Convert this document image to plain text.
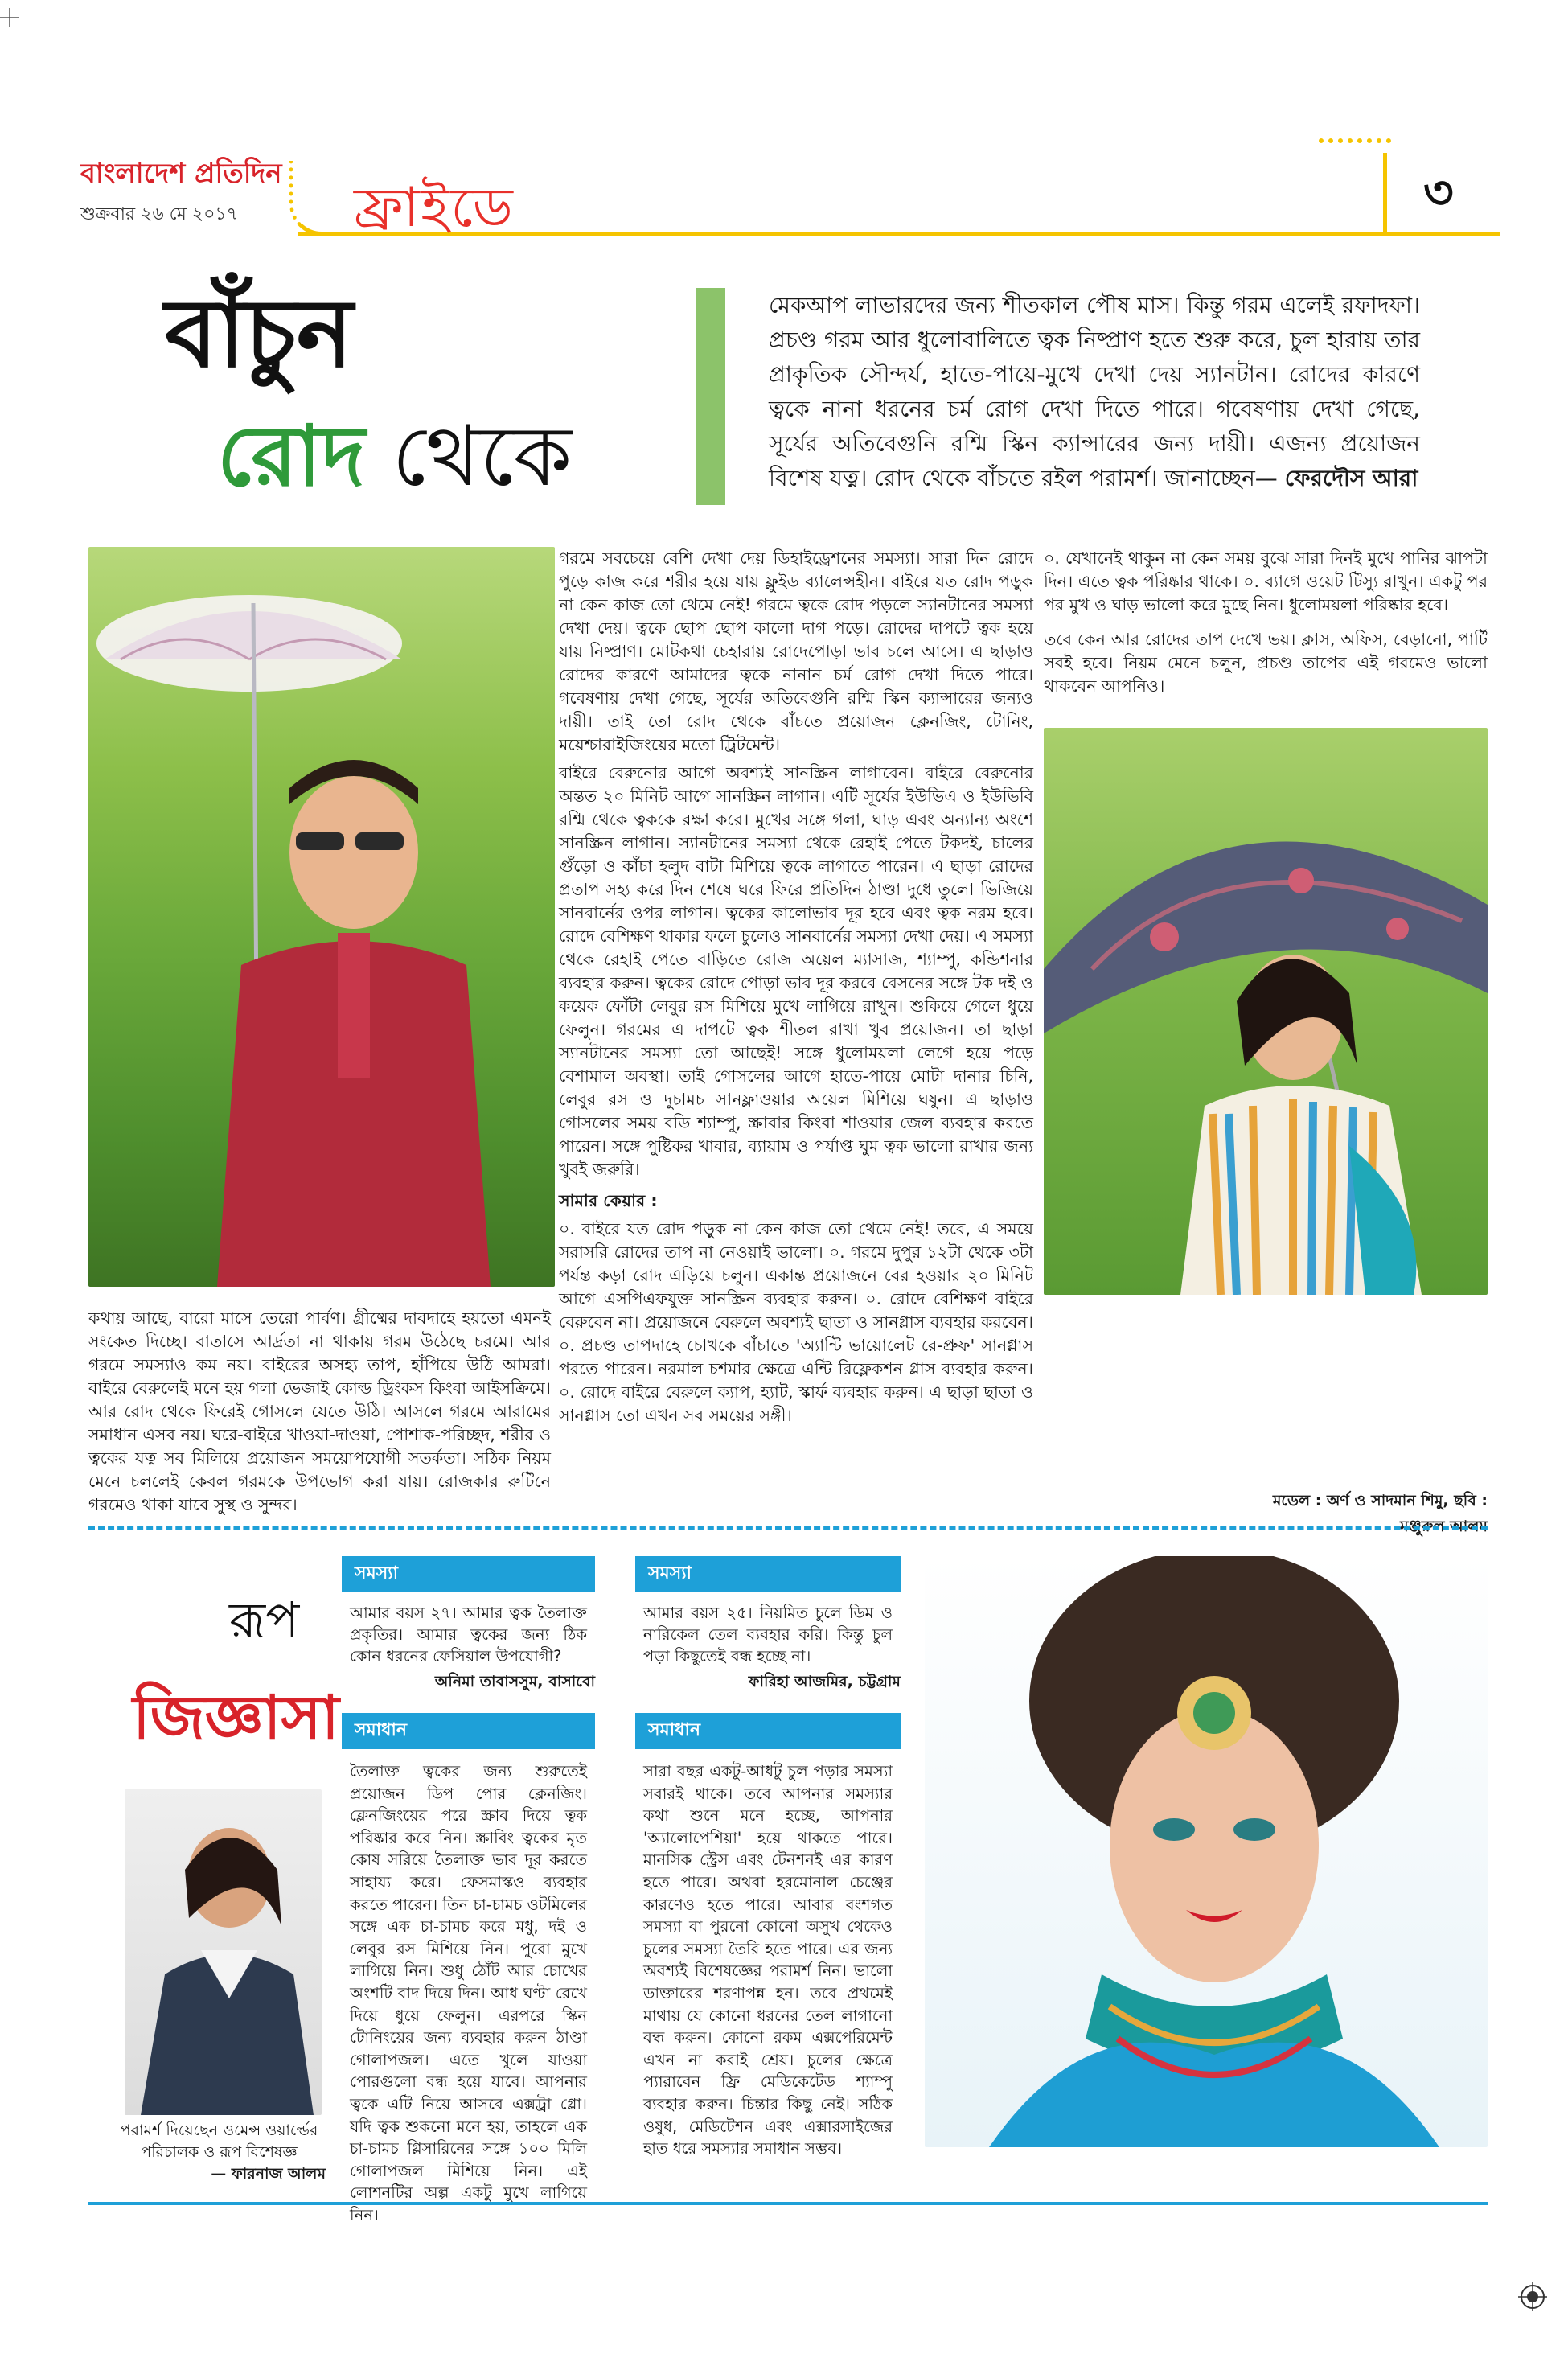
বাংলাদেশ প্রতিদিন
শুক্রবার ২৬ মে ২০১৭	ফ্রাইডে	৩
বাঁচুন
রোদ থেকে
মেকআপ লাভারদের জন্য শীতকাল পৌষ মাস। কিন্তু গরম এলেই রফাদফা। প্রচণ্ড গরম আর ধুলোবালিতে ত্বক নিষ্প্রাণ হতে শুরু করে, চুল হারায় তার প্রাকৃতিক সৌন্দর্য, হাতে-পায়ে-মুখে দেখা দেয় স্যানটান। রোদের কারণে ত্বকে নানা ধরনের চর্ম রোগ দেখা দিতে পারে। গবেষণায় দেখা গেছে, সূর্যের অতিবেগুনি রশ্মি স্কিন ক্যান্সারের জন্য দায়ী। এজন্য প্রয়োজন বিশেষ যত্ন। রোদ থেকে বাঁচতে রইল পরামর্শ। জানাচ্ছেন— ফেরদৌস আরা

গরমে সবচেয়ে বেশি দেখা দেয় ডিহাইড্রেশনের সমস্যা। সারা দিন রোদে পুড়ে কাজ করে শরীর হয়ে যায় ফ্লুইড ব্যালেন্সহীন। বাইরে যত রোদ পড়ুক না কেন কাজ তো থেমে নেই! গরমে ত্বকে রোদ পড়লে স্যানটানের সমস্যা দেখা দেয়। ত্বকে ছোপ ছোপ কালো দাগ পড়ে। রোদের দাপটে ত্বক হয়ে যায় নিষ্প্রাণ। মোটকথা চেহারায় রোদেপোড়া ভাব চলে আসে। এ ছাড়াও রোদের কারণে আমাদের ত্বকে নানান চর্ম রোগ দেখা দিতে পারে। গবেষণায় দেখা গেছে, সূর্যের অতিবেগুনি রশ্মি স্কিন ক্যান্সারের জন্যও দায়ী। তাই তো রোদ থেকে বাঁচতে প্রয়োজন ক্লেনজিং, টোনিং, ময়েশ্চারাইজিংয়ের মতো ট্রিটমেন্ট।

বাইরে বেরুনোর আগে অবশ্যই সানস্ক্রিন লাগাবেন। বাইরে বেরুনোর অন্তত ২০ মিনিট আগে সানস্ক্রিন লাগান। এটি সূর্যের ইউভিএ ও ইউভিবি রশ্মি থেকে ত্বককে রক্ষা করে। মুখের সঙ্গে গলা, ঘাড় এবং অন্যান্য অংশে সানস্ক্রিন লাগান। স্যানটানের সমস্যা থেকে রেহাই পেতে টকদই, চালের গুঁড়ো ও কাঁচা হলুদ বাটা মিশিয়ে ত্বকে লাগাতে পারেন। এ ছাড়া রোদের প্রতাপ সহ্য করে দিন শেষে ঘরে ফিরে প্রতিদিন ঠাণ্ডা দুধে তুলো ভিজিয়ে সানবার্নের ওপর লাগান। ত্বকের কালোভাব দূর হবে এবং ত্বক নরম হবে। রোদে বেশিক্ষণ থাকার ফলে চুলেও সানবার্নের সমস্যা দেখা দেয়। এ সমস্যা থেকে রেহাই পেতে বাড়িতে রোজ অয়েল ম্যাসাজ, শ্যাম্পু, কন্ডিশনার ব্যবহার করুন। ত্বকের রোদে পোড়া ভাব দূর করবে বেসনের সঙ্গে টক দই ও কয়েক ফোঁটা লেবুর রস মিশিয়ে মুখে লাগিয়ে রাখুন। শুকিয়ে গেলে ধুয়ে ফেলুন। গরমের এ দাপটে ত্বক শীতল রাখা খুব প্রয়োজন। তা ছাড়া স্যানটানের সমস্যা তো আছেই! সঙ্গে ধুলোময়লা লেগে হয়ে পড়ে বেশামাল অবস্থা। তাই গোসলের আগে হাতে-পায়ে মোটা দানার চিনি, লেবুর রস ও দুচামচ সানফ্লাওয়ার অয়েল মিশিয়ে ঘষুন। এ ছাড়াও গোসলের সময় বডি শ্যাম্পু, স্ক্রাবার কিংবা শাওয়ার জেল ব্যবহার করতে পারেন। সঙ্গে পুষ্টিকর খাবার, ব্যায়াম ও পর্যাপ্ত ঘুম ত্বক ভালো রাখার জন্য খুবই জরুরি।

সামার কেয়ার :

০. বাইরে যত রোদ পড়ুক না কেন কাজ তো থেমে নেই! তবে, এ সময়ে সরাসরি রোদের তাপ না নেওয়াই ভালো। ০. গরমে দুপুর ১২টা থেকে ৩টা পর্যন্ত কড়া রোদ এড়িয়ে চলুন। একান্ত প্রয়োজনে বের হওয়ার ২০ মিনিট আগে এসপিএফযুক্ত সানস্ক্রিন ব্যবহার করুন। ০. রোদে বেশিক্ষণ বাইরে বেরুবেন না। প্রয়োজনে বেরুলে অবশ্যই ছাতা ও সানগ্লাস ব্যবহার করবেন। ০. প্রচণ্ড তাপদাহে চোখকে বাঁচাতে 'অ্যান্টি ভায়োলেট রে-প্রুফ' সানগ্লাস পরতে পারেন। নরমাল চশমার ক্ষেত্রে এন্টি রিফ্লেকশন গ্লাস ব্যবহার করুন। ০. রোদে বাইরে বেরুলে ক্যাপ, হ্যাট, স্কার্ফ ব্যবহার করুন। এ ছাড়া ছাতা ও সানগ্লাস তো এখন সব সময়ের সঙ্গী।

০. যেখানেই থাকুন না কেন সময় বুঝে সারা দিনই মুখে পানির ঝাপটা দিন। এতে ত্বক পরিষ্কার থাকে। ০. ব্যাগে ওয়েট টিস্যু রাখুন। একটু পর পর মুখ ও ঘাড় ভালো করে মুছে নিন। ধুলোময়লা পরিষ্কার হবে।

তবে কেন আর রোদের তাপ দেখে ভয়। ক্লাস, অফিস, বেড়ানো, পার্টি সবই হবে। নিয়ম মেনে চলুন, প্রচণ্ড তাপের এই গরমেও ভালো থাকবেন আপনিও।

কথায় আছে, বারো মাসে তেরো পার্বণ। গ্রীষ্মের দাবদাহে হয়তো এমনই সংকেত দিচ্ছে। বাতাসে আর্দ্রতা না থাকায় গরম উঠেছে চরমে। আর গরমে সমস্যাও কম নয়। বাইরের অসহ্য তাপ, হাঁপিয়ে উঠি আমরা। বাইরে বেরুলেই মনে হয় গলা ভেজাই কোল্ড ড্রিংকস কিংবা আইসক্রিমে। আর রোদ থেকে ফিরেই গোসলে যেতে উঠি। আসলে গরমে আরামের সমাধান এসব নয়। ঘরে-বাইরে খাওয়া-দাওয়া, পোশাক-পরিচ্ছদ, শরীর ও ত্বকের যত্ন সব মিলিয়ে প্রয়োজন সময়োপযোগী সতর্কতা। সঠিক নিয়ম মেনে চললেই কেবল গরমকে উপভোগ করা যায়। রোজকার রুটিনে গরমেও থাকা যাবে সুস্থ ও সুন্দর।	মডেল : অর্ণ ও সাদমান শিমু, ছবি : মঞ্জুরুল আলম
রূপ
জিজ্ঞাসা
পরামর্শ দিয়েছেন ওমেন্স ওয়ার্ল্ডের পরিচালক ও রূপ বিশেষজ্ঞ
— ফারনাজ আলম
সমস্যা
আমার বয়স ২৭। আমার ত্বক তৈলাক্ত প্রকৃতির। আমার ত্বকের জন্য ঠিক কোন ধরনের ফেসিয়াল উপযোগী?
অনিমা তাবাসসুম, বাসাবো
সমাধান
তৈলাক্ত ত্বকের জন্য শুরুতেই প্রয়োজন ডিপ পোর ক্লেনজিং। ক্লেনজিংয়ের পরে স্ক্রাব দিয়ে ত্বক পরিষ্কার করে নিন। স্ক্রাবিং ত্বকের মৃত কোষ সরিয়ে তৈলাক্ত ভাব দূর করতে সাহায্য করে। ফেসমাস্কও ব্যবহার করতে পারেন। তিন চা-চামচ ওটমিলের সঙ্গে এক চা-চামচ করে মধু, দই ও লেবুর রস মিশিয়ে নিন। পুরো মুখে লাগিয়ে নিন। শুধু ঠোঁট আর চোখের অংশটি বাদ দিয়ে দিন। আধ ঘণ্টা রেখে দিয়ে ধুয়ে ফেলুন। এরপরে স্কিন টোনিংয়ের জন্য ব্যবহার করুন ঠাণ্ডা গোলাপজল। এতে খুলে যাওয়া পোরগুলো বন্ধ হয়ে যাবে। আপনার ত্বকে এটি নিয়ে আসবে এক্সট্রা গ্লো। যদি ত্বক শুকনো মনে হয়, তাহলে এক চা-চামচ গ্লিসারিনের সঙ্গে ১০০ মিলি গোলাপজল মিশিয়ে নিন। এই লোশনটির অল্প একটু মুখে লাগিয়ে নিন।
সমস্যা
আমার বয়স ২৫। নিয়মিত চুলে ডিম ও নারিকেল তেল ব্যবহার করি। কিন্তু চুল পড়া কিছুতেই বন্ধ হচ্ছে না।
ফারিহা আজমির, চট্টগ্রাম
সমাধান
সারা বছর একটু-আধটু চুল পড়ার সমস্যা সবারই থাকে। তবে আপনার সমস্যার কথা শুনে মনে হচ্ছে, আপনার 'অ্যালোপেশিয়া' হয়ে থাকতে পারে। মানসিক স্ট্রেস এবং টেনশনই এর কারণ হতে পারে। অথবা হরমোনাল চেঞ্জের কারণেও হতে পারে। আবার বংশগত সমস্যা বা পুরনো কোনো অসুখ থেকেও চুলের সমস্যা তৈরি হতে পারে। এর জন্য অবশ্যই বিশেষজ্ঞের পরামর্শ নিন। ভালো ডাক্তারের শরণাপন্ন হন। তবে প্রথমেই মাথায় যে কোনো ধরনের তেল লাগানো বন্ধ করুন। কোনো রকম এক্সপেরিমেন্ট এখন না করাই শ্রেয়। চুলের ক্ষেত্রে প্যারাবেন ফ্রি মেডিকেটেড শ্যাম্পু ব্যবহার করুন। চিন্তার কিছু নেই। সঠিক ওষুধ, মেডিটেশন এবং এক্সারসাইজের হাত ধরে সমস্যার সমাধান সম্ভব।
